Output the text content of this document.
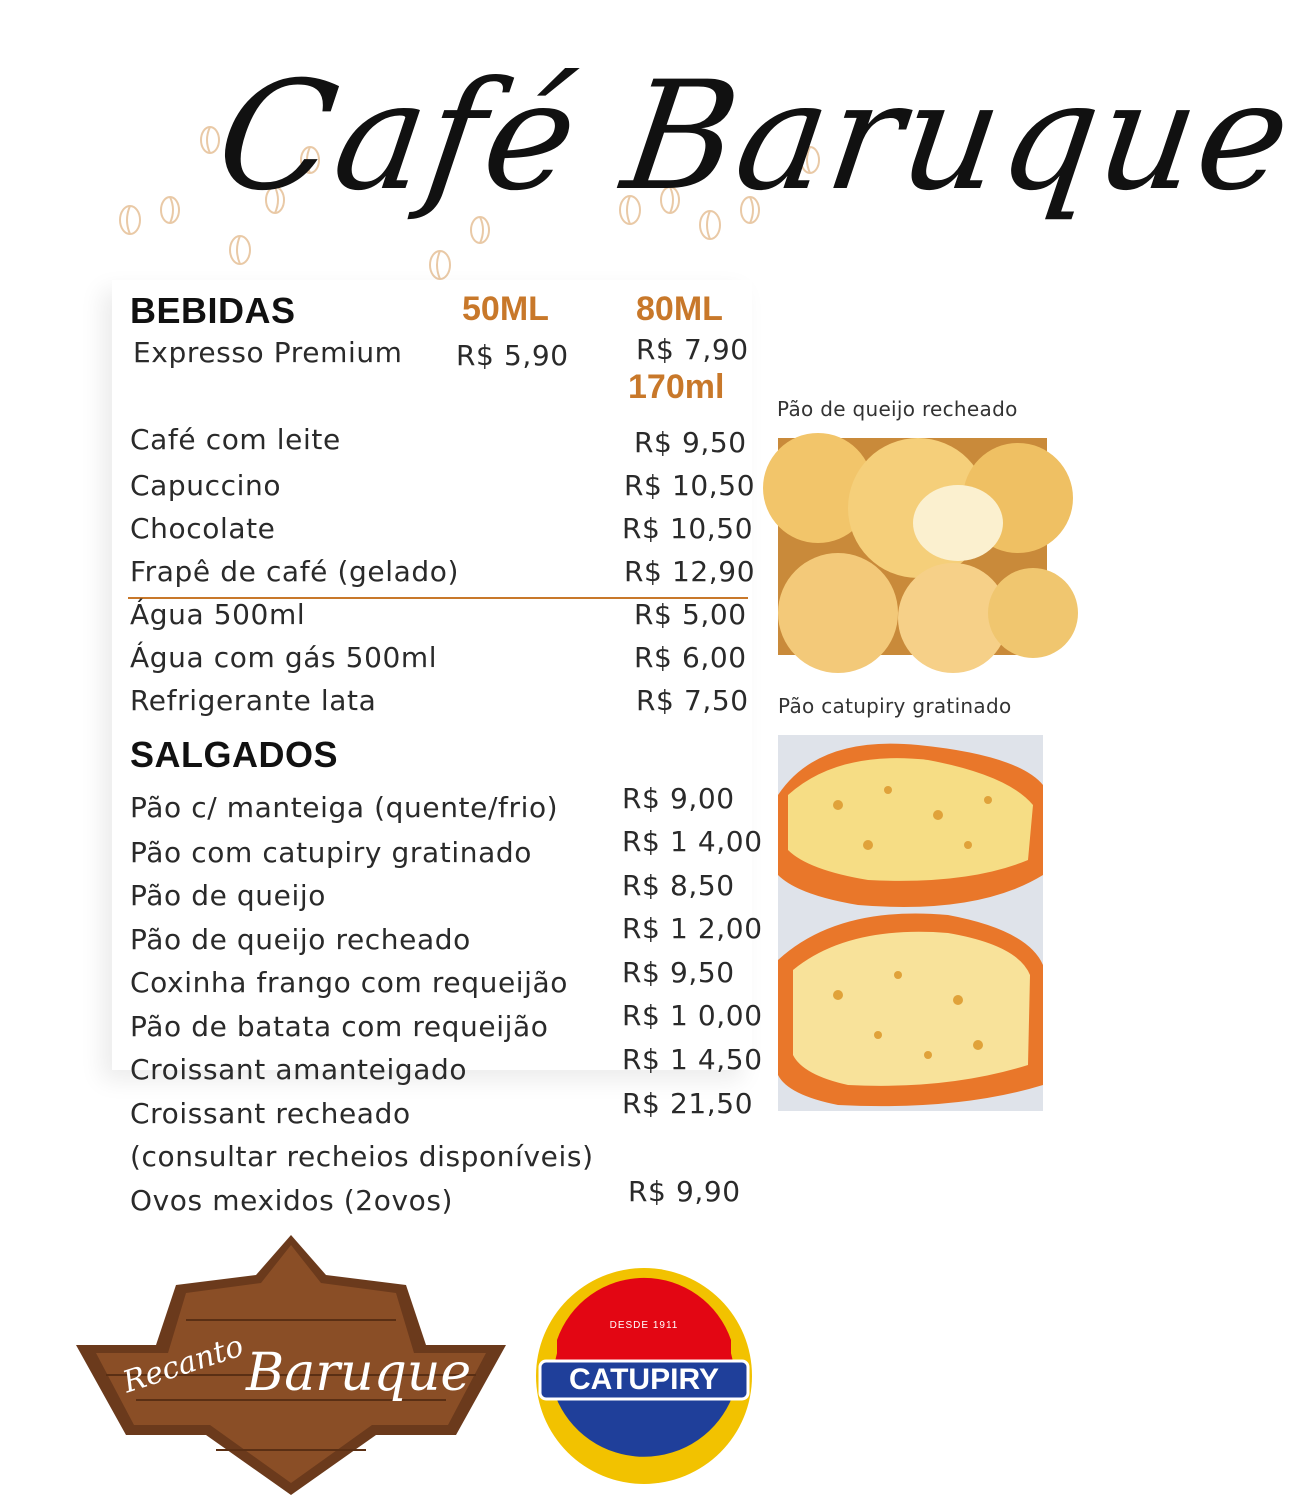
Café Baruque
BEBIDAS	50ML	80ML
Expresso Premium R$ 5,90 R$ 7,90
170ml
Café com leite	R$ 9,50
Capuccino	R$ 10,50
Chocolate	R$ 10,50
Frapê de café (gelado)	R$ 12,90
Água 500ml	R$ 5,00
Água com gás 500ml	R$ 6,00
Refrigerante lata	R$ 7,50
SALGADOS
Pão c/ manteiga (quente/frio) R$ 9,00
Pão com catupiry gratinado	R$ 1 4,00
Pão de queijo	R$ 8,50
Pão de queijo recheado	R$ 1 2,00
Coxinha frango com requeijão R$ 9,50
Pão de batata com requeijão	R$ 1 0,00
Croissant amanteigado	R$ 1 4,50
Croissant recheado	R$ 21,50
(consultar recheios disponíveis)
Ovos mexidos (2ovos)	R$ 9,90
Pão de queijo recheado
Pão catupiry gratinado
Recanto
Baruque
DESDE 1911
CATUPIRY
